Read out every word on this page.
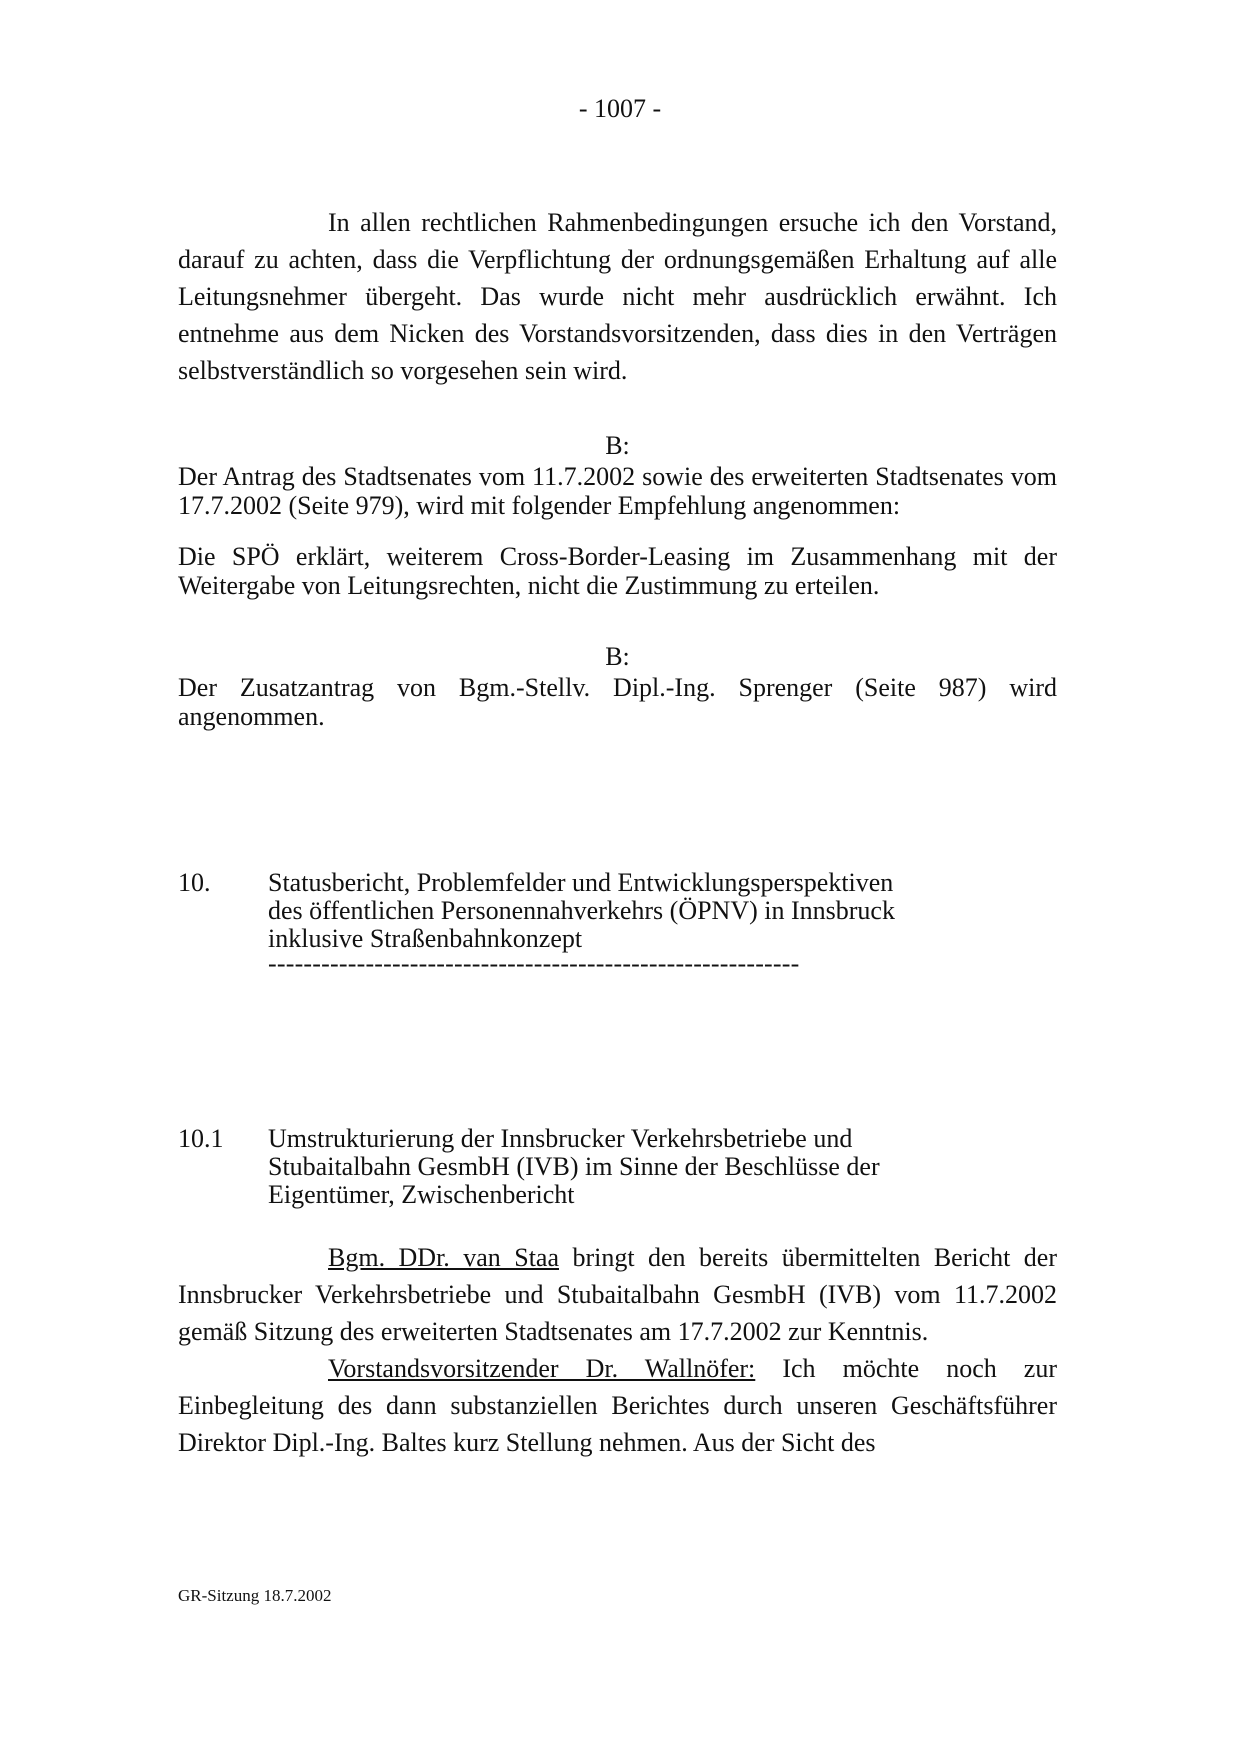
- 1007 -

In allen rechtlichen Rahmenbedingungen ersuche ich den Vorstand, darauf zu achten, dass die Verpflichtung der ordnungsgemäßen Erhaltung auf alle Leitungsnehmer übergeht. Das wurde nicht mehr ausdrücklich erwähnt. Ich entnehme aus dem Nicken des Vorstandsvorsitzenden, dass dies in den Verträgen selbstverständlich so vorgesehen sein wird.

B:

Der Antrag des Stadtsenates vom 11.7.2002 sowie des erweiterten Stadtsenates vom 17.7.2002 (Seite 979), wird mit folgender Empfehlung angenommen:

Die SPÖ erklärt, weiterem Cross-Border-Leasing im Zusammenhang mit der Weitergabe von Leitungsrechten, nicht die Zustimmung zu erteilen.

B:

Der Zusatzantrag von Bgm.-Stellv. Dipl.-Ing. Sprenger (Seite 987) wird angenommen.

10.	Statusbericht, Problemfelder und Entwicklungsperspektiven des öffentlichen Personennahverkehrs (ÖPNV) in Innsbruck inklusive Straßenbahnkonzept
------------------------------------------------------------
10.1	Umstrukturierung der Innsbrucker Verkehrsbetriebe und Stubaitalbahn GesmbH (IVB) im Sinne der Beschlüsse der Eigentümer, Zwischenbericht

Bgm. DDr. van Staa bringt den bereits übermittelten Bericht der Innsbrucker Verkehrsbetriebe und Stubaitalbahn GesmbH (IVB) vom 11.7.2002 gemäß Sitzung des erweiterten Stadtsenates am 17.7.2002 zur Kenntnis.

Vorstandsvorsitzender Dr. Wallnöfer: Ich möchte noch zur Einbegleitung des dann substanziellen Berichtes durch unseren Geschäftsführer Direktor Dipl.-Ing. Baltes kurz Stellung nehmen. Aus der Sicht des

GR-Sitzung 18.7.2002
